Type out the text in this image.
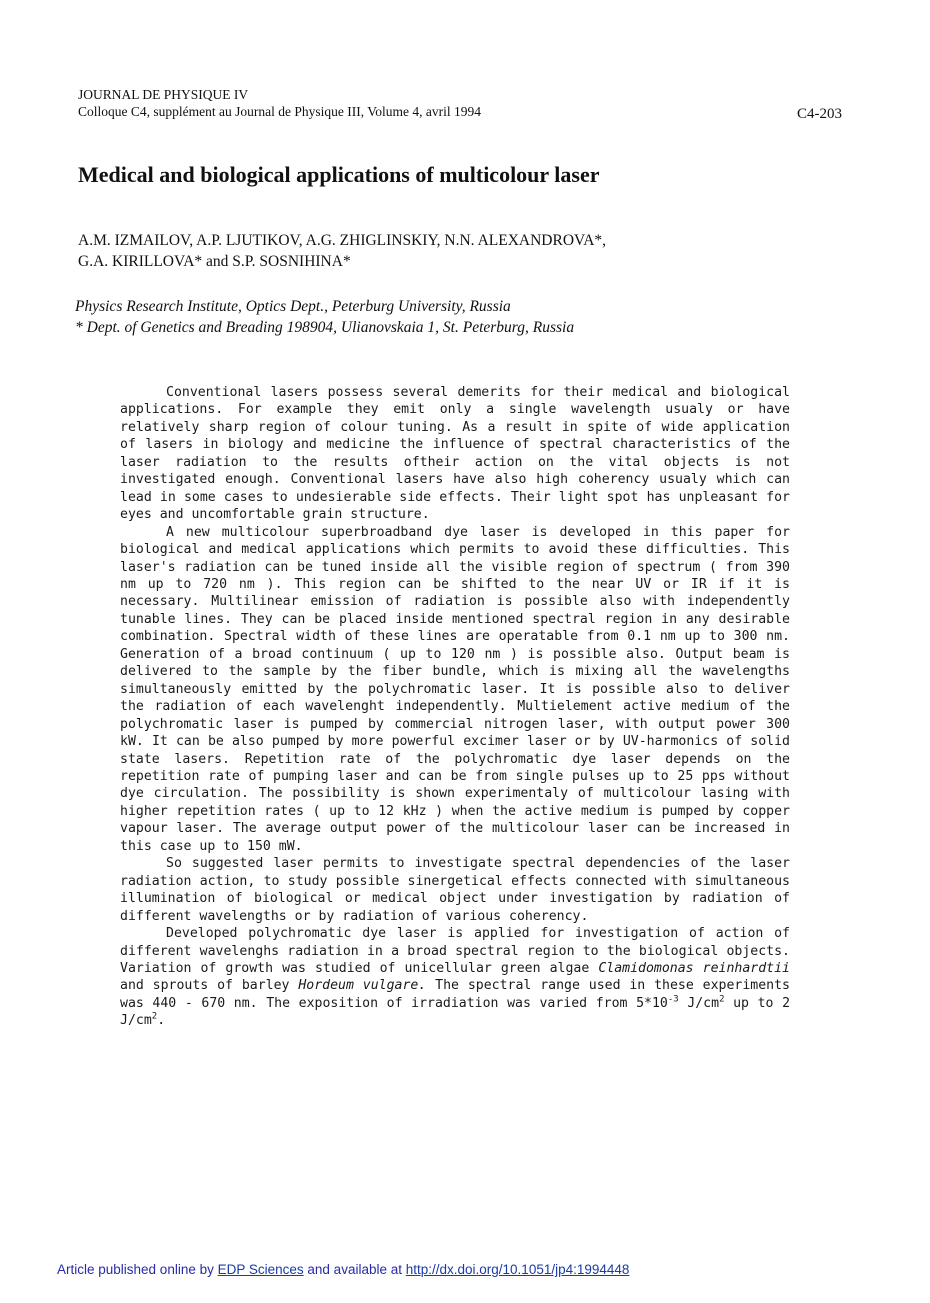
JOURNAL DE PHYSIQUE IV
Colloque C4, supplément au Journal de Physique III, Volume 4, avril 1994	C4-203
Medical and biological applications of multicolour laser
A.M. IZMAILOV, A.P. LJUTIKOV, A.G. ZHIGLINSKIY, N.N. ALEXANDROVA*,
G.A. KIRILLOVA* and S.P. SOSNIHINA*
Physics Research Institute, Optics Dept., Peterburg University, Russia
* Dept. of Genetics and Breading 198904, Ulianovskaia 1, St. Peterburg, Russia

Conventional lasers possess several demerits for their medical and biological applications. For example they emit only a single wavelength usualy or have relatively sharp region of colour tuning. As a result in spite of wide application of lasers in biology and medicine the influence of spectral characteristics of the laser radiation to the results oftheir action on the vital objects is not investigated enough. Conventional lasers have also high coherency usualy which can lead in some cases to undesierable side effects. Their light spot has unpleasant for eyes and uncomfortable grain structure.

A new multicolour superbroadband dye laser is developed in this paper for biological and medical applications which permits to avoid these difficulties. This laser's radiation can be tuned inside all the visible region of spectrum ( from 390 nm up to 720 nm ). This region can be shifted to the near UV or IR if it is necessary. Multilinear emission of radiation is possible also with independently tunable lines. They can be placed inside mentioned spectral region in any desirable combination. Spectral width of these lines are operatable from 0.1 nm up to 300 nm. Generation of a broad continuum ( up to 120 nm ) is possible also. Output beam is delivered to the sample by the fiber bundle, which is mixing all the wavelengths simultaneously emitted by the polychromatic laser. It is possible also to deliver the radiation of each wavelenght independently. Multielement active medium of the polychromatic laser is pumped by commercial nitrogen laser, with output power 300 kW. It can be also pumped by more powerful excimer laser or by UV-harmonics of solid state lasers. Repetition rate of the polychromatic dye laser depends on the repetition rate of pumping laser and can be from single pulses up to 25 pps without dye circulation. The possibility is shown experimentaly of multicolour lasing with higher repetition rates ( up to 12 kHz ) when the active medium is pumped by copper vapour laser. The average output power of the multicolour laser can be increased in this case up to 150 mW.

So suggested laser permits to investigate spectral dependencies of the laser radiation action, to study possible sinergetical effects connected with simultaneous illumination of biological or medical object under investigation by radiation of different wavelengths or by radiation of various coherency.

Developed polychromatic dye laser is applied for investigation of action of different wavelenghs radiation in a broad spectral region to the biological objects. Variation of growth was studied of unicellular green algae Clamidomonas reinhardtii and sprouts of barley Hordeum vulgare. The spectral range used in these experiments was 440 - 670 nm. The exposition of irradiation was varied from $5*10^{-3}$ $J/cm^2$ up to 2 $J/cm^2$.

Article published online by EDP Sciences and available at http://dx.doi.org/10.1051/jp4:1994448
